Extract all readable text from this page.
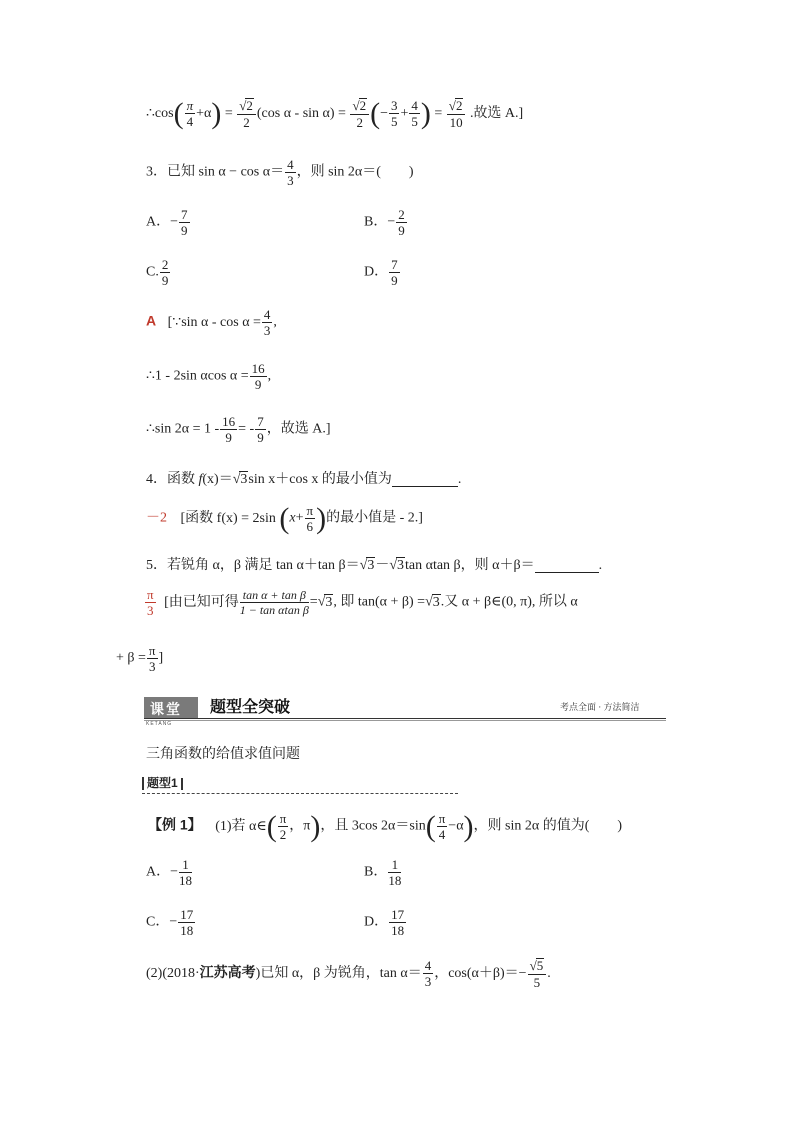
∴cos( $\frac{\pi}{4} +\alpha) = \frac{√2}{2} (\cos$ $\alpha - \sin \alpha) = \frac{√2}{2}$ (− $\frac{3}{5} + \frac{4}{5}$ ) = $\frac{√2}{10}$ .故选 A.]
3．已知 $\sin \alpha - \cos \alpha= \frac{4}{3}$ ，则 sin 2α＝(　　)
A．− $\frac{7}{9}$	B．− $\frac{2}{9}$
C. $\frac{2}{9}$	D． $\frac{7}{9}$
A [∵sin $\alpha - \cos \alpha = \frac{4}{3}$ ,
∴1 - 2sin αcos $\alpha = \frac{16}{9}$ ,
∴sin $2\alpha = 1 - \frac{16}{9}$ = - $\frac{7}{9}$ ，故选 A.]
4．函数 f(x)＝√3sin x＋cos x 的最小值为	.
－2 [函数 f(x) = 2sin ($x+ \frac{\pi}{6}$ )的最小值是 - 2.]
5．若锐角 α，β 满足 tan α＋tan β＝√3－√3tan αtan β，则 α＋β＝	.
$\frac{\pi}{3}$ [由已知可得 $\frac{\text{tan α + tan β}}{\text{1 − tan αtan β}} =√3$, 即 tan(α + β) =√3.又 α + β∈(0, π), 所以 α
+ $\beta = \frac{\pi}{3}$ ]
课堂
KETANG
题型全突破	考点全面 · 方法简洁
三角函数的给值求值问题
题型1
【例 1】 (1)若 α∈( $\frac{\pi}{2}$ ，π)，且 3cos $2\alpha=\sin( \frac{\pi}{4} -\alpha)$，则 sin 2α 的值为(　　)
A．− $\frac{1}{18}$	B． $\frac{1}{18}$
C．− $\frac{17}{18}$	D． $\frac{17}{18}$
(2)(2018·江苏高考)已知 α，β 为锐角，$\tan \alpha= \frac{4}{3}$ ，$\cos(\alpha+\beta)=- \frac{√5}{5}$ .
